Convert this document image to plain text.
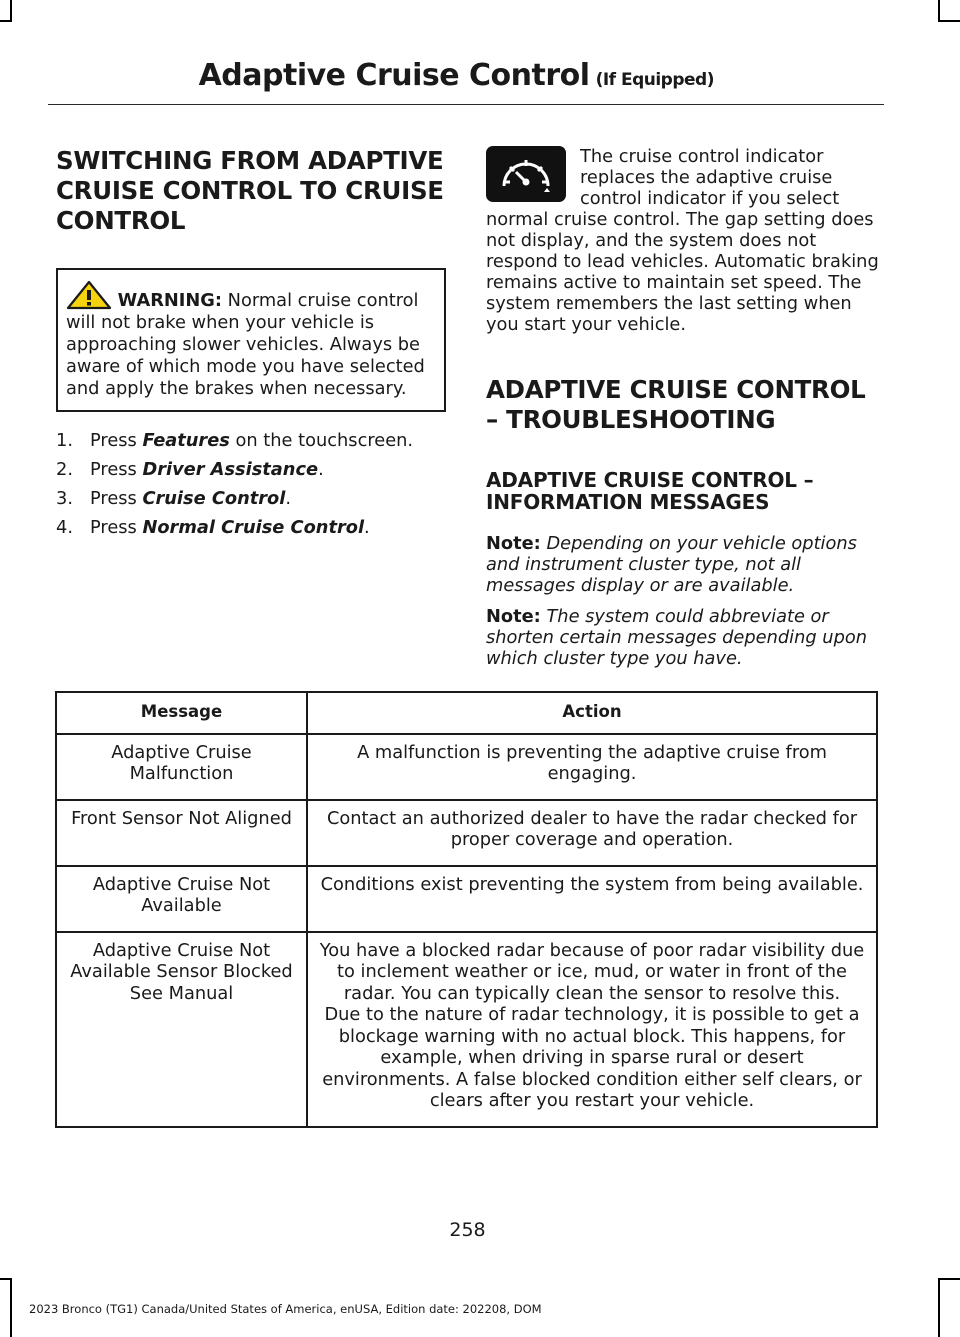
Adaptive Cruise Control (If Equipped)
SWITCHING FROM ADAPTIVE
CRUISE CONTROL TO CRUISE
CONTROL
WARNING: Normal cruise control will not brake when your vehicle is approaching slower vehicles. Always be aware of which mode you have selected and apply the brakes when necessary.
1. Press Features on the touchscreen.
2. Press Driver Assistance.
3. Press Cruise Control.
4. Press Normal Cruise Control.

The cruise control indicator replaces the adaptive cruise control indicator if you select normal cruise control. The gap setting does not display, and the system does not respond to lead vehicles. Automatic braking remains active to maintain set speed. The system remembers the last setting when you start your vehicle.

ADAPTIVE CRUISE CONTROL
– TROUBLESHOOTING
ADAPTIVE CRUISE CONTROL – INFORMATION MESSAGES

Note: Depending on your vehicle options and instrument cluster type, not all messages display or are available.

Note: The system could abbreviate or shorten certain messages depending upon which cluster type you have.

Message	Action
Adaptive Cruise Malfunction	A malfunction is preventing the adaptive cruise from engaging.

Front Sensor Not Aligned	Contact an authorized dealer to have the radar checked for proper coverage and operation.

Adaptive Cruise Not Available	Conditions exist preventing the system from being available.

Adaptive Cruise Not Available Sensor Blocked See Manual	You have a blocked radar because of poor radar visibility due to inclement weather or ice, mud, or water in front of the radar. You can typically clean the sensor to resolve this.

Due to the nature of radar technology, it is possible to get a blockage warning with no actual block. This happens, for example, when driving in sparse rural or desert environments. A false blocked condition either self clears, or clears after you restart your vehicle.

258
2023 Bronco (TG1) Canada/United States of America, enUSA, Edition date: 202208, DOM
